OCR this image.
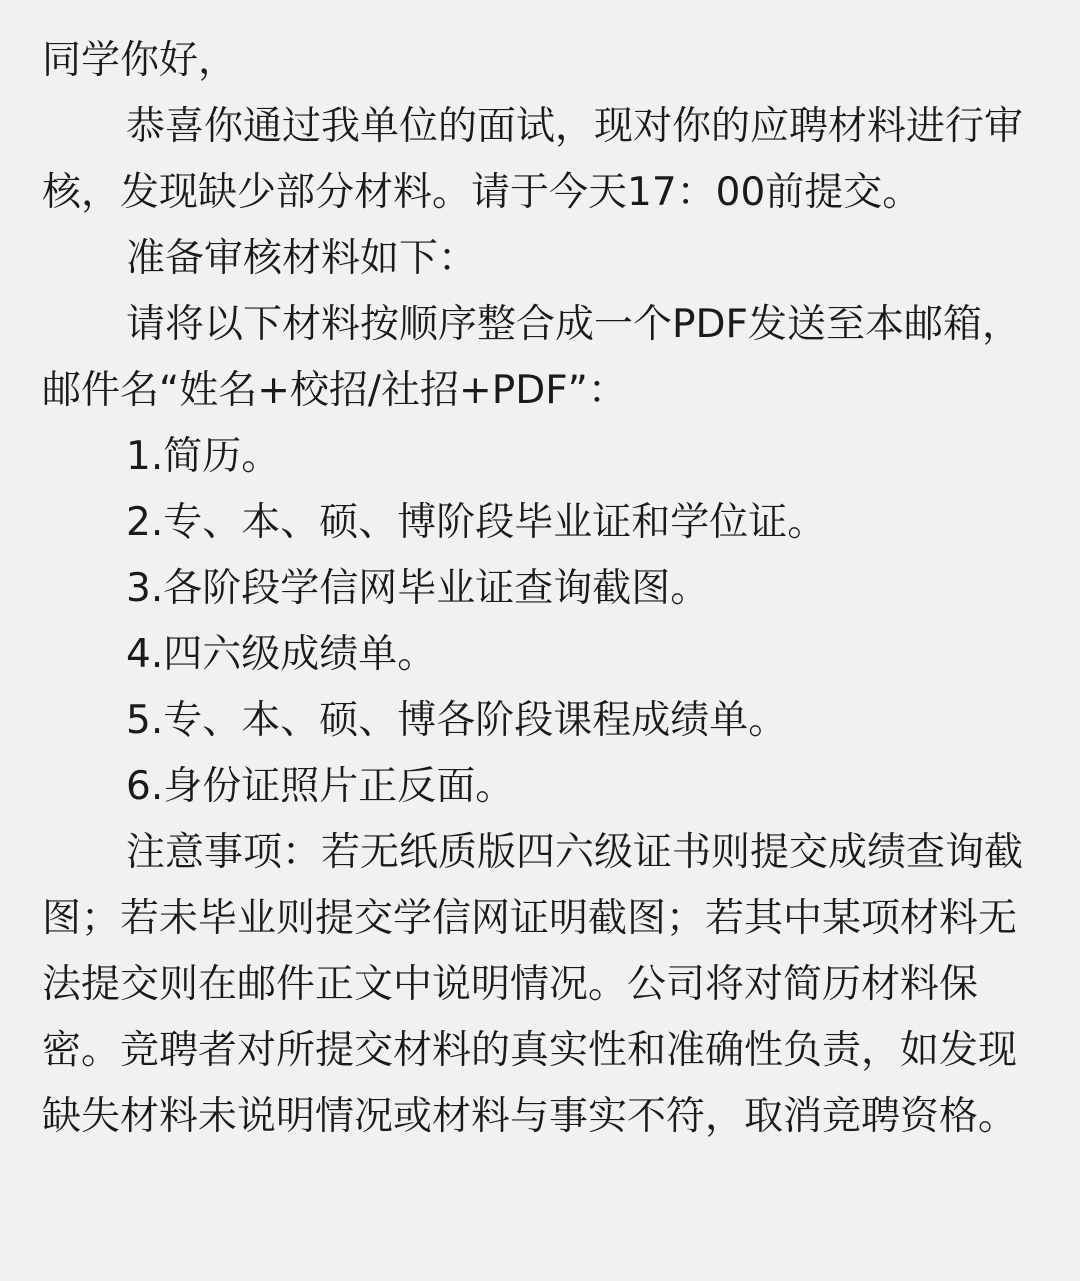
同学你好，

恭喜你通过我单位的面试，现对你的应聘材料进行审核，发现缺少部分材料。请于今天17：00前提交。

准备审核材料如下：

请将以下材料按顺序整合成一个PDF发送至本邮箱，邮件名“姓名+校招/社招+PDF”：

1.简历。

2.专、本、硕、博阶段毕业证和学位证。

3.各阶段学信网毕业证查询截图。

4.四六级成绩单。

5.专、本、硕、博各阶段课程成绩单。

6.身份证照片正反面。

注意事项：若无纸质版四六级证书则提交成绩查询截图；若未毕业则提交学信网证明截图；若其中某项材料无法提交则在邮件正文中说明情况。公司将对简历材料保密。竞聘者对所提交材料的真实性和准确性负责，如发现缺失材料未说明情况或材料与事实不符，取消竞聘资格。
